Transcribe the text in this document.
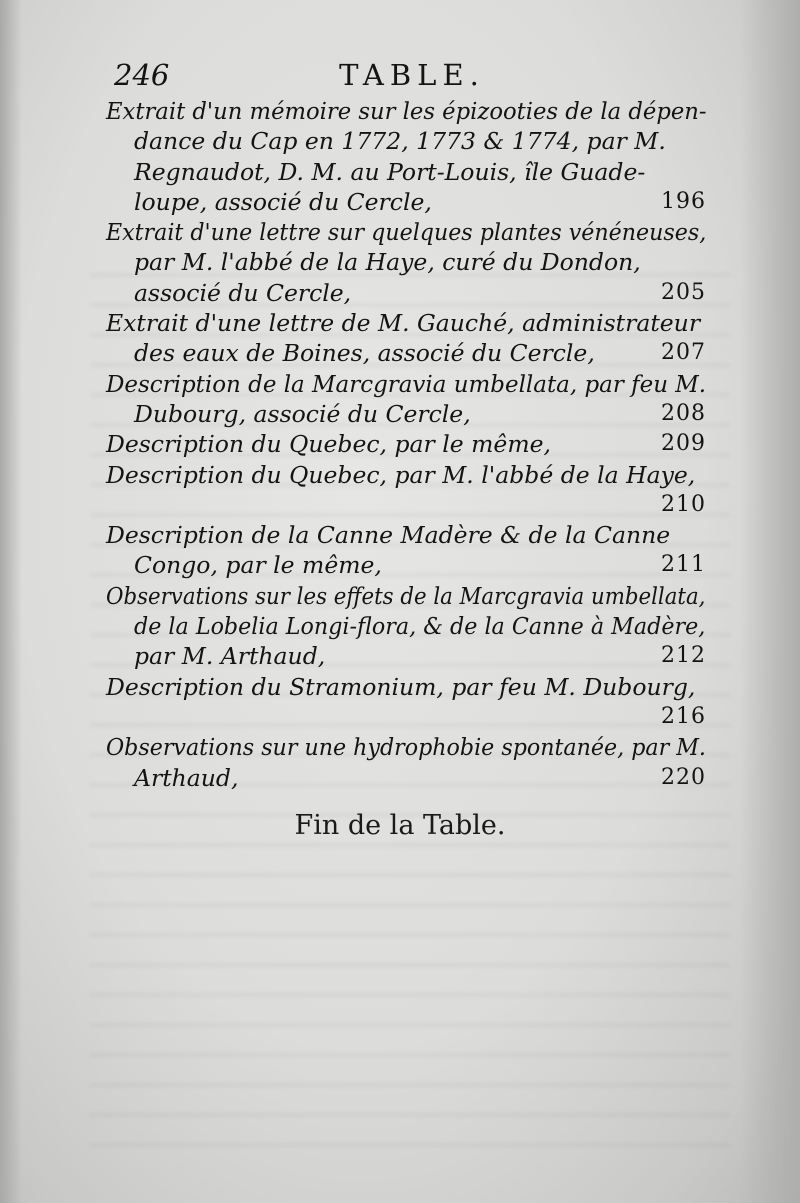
246	TABLE.
Extrait d'un mémoire sur les épizooties de la dépen-
dance du Cap en 1772, 1773 & 1774, par M.
Regnaudot, D. M. au Port-Louis, île Guade-
loupe, associé du Cercle,	196
Extrait d'une lettre sur quelques plantes vénéneuses,
par M. l'abbé de la Haye, curé du Dondon,
associé du Cercle,	205
Extrait d'une lettre de M. Gauché, administrateur
des eaux de Boines, associé du Cercle,	207
Description de la Marcgravia umbellata, par feu M.
Dubourg, associé du Cercle,	208
Description du Quebec, par le même,	209
Description du Quebec, par M. l'abbé de la Haye,
210
Description de la Canne Madère & de la Canne
Congo, par le même,	211
Observations sur les effets de la Marcgravia umbellata,
de la Lobelia Longi-flora, & de la Canne à Madère,
par M. Arthaud,	212
Description du Stramonium, par feu M. Dubourg,
216
Observations sur une hydrophobie spontanée, par M.
Arthaud,	220
Fin de la Table.
